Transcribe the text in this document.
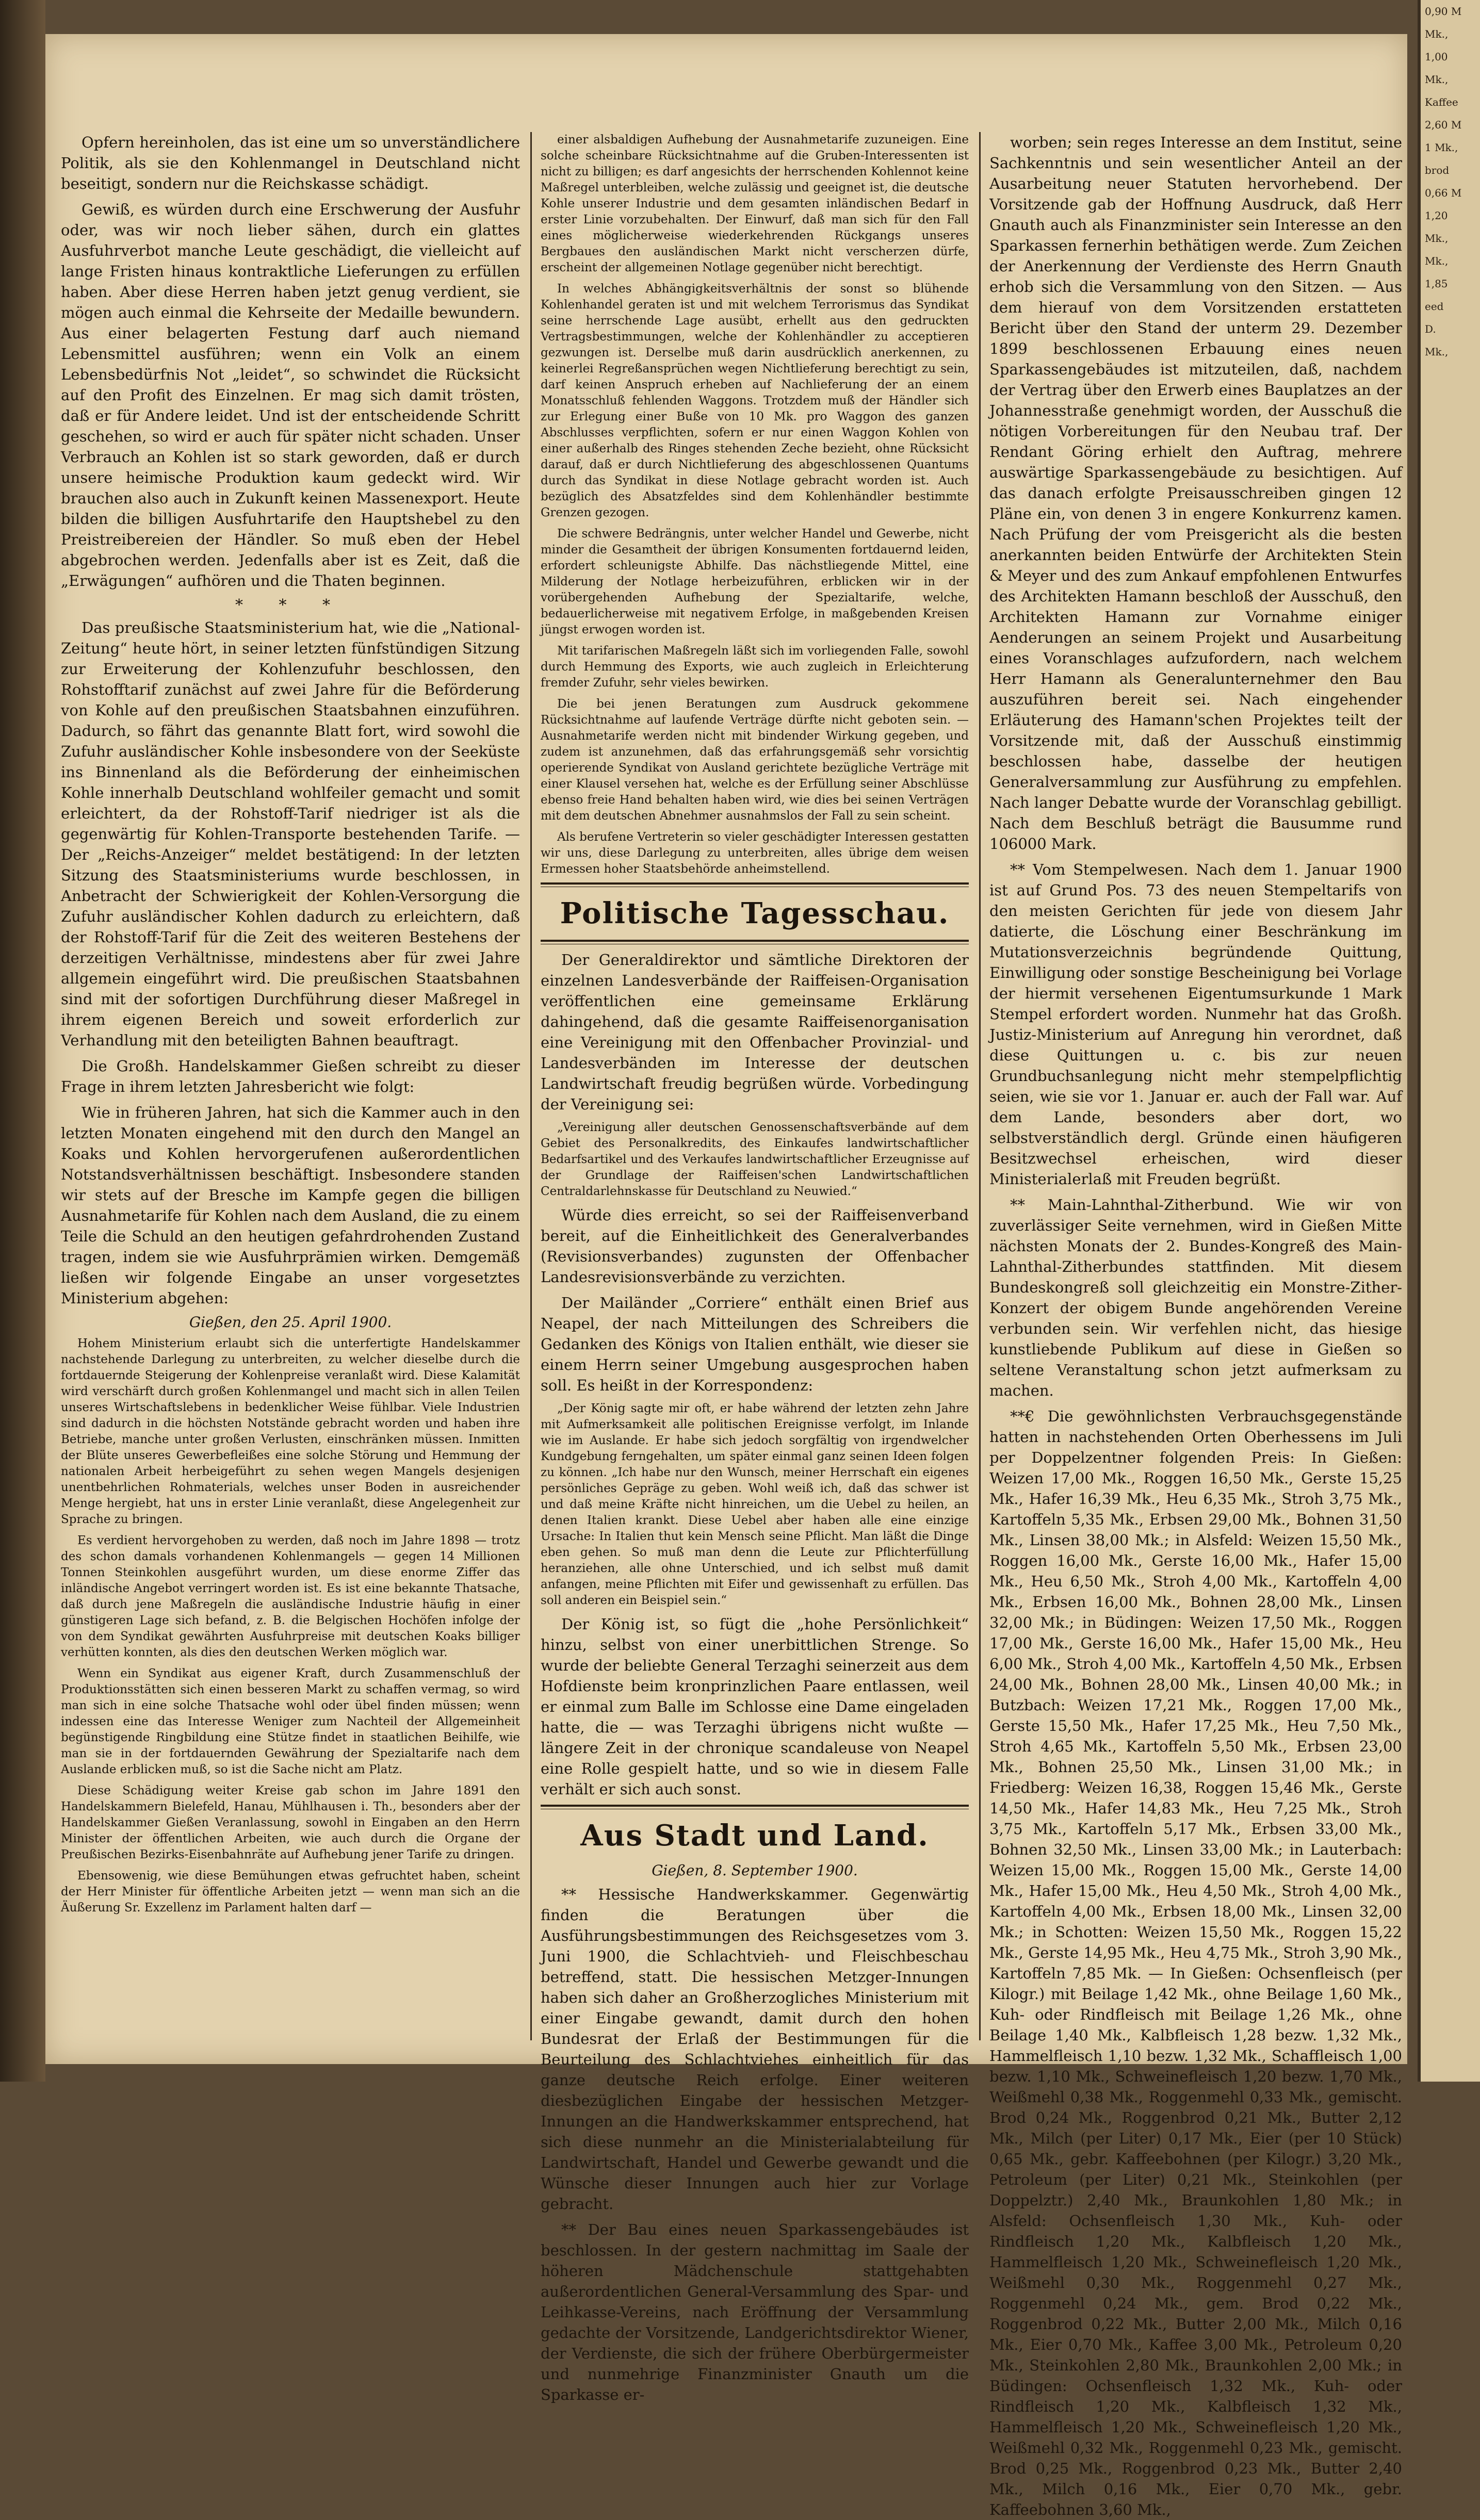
Opfern hereinholen, das ist eine um so unverständlichere Politik, als sie den Kohlenmangel in Deutschland nicht beseitigt, sondern nur die Reichskasse schädigt.

Gewiß, es würden durch eine Erschwerung der Ausfuhr oder, was wir noch lieber sähen, durch ein glattes Ausfuhrverbot manche Leute geschädigt, die vielleicht auf lange Fristen hinaus kontraktliche Lieferungen zu erfüllen haben. Aber diese Herren haben jetzt genug verdient, sie mögen auch einmal die Kehrseite der Medaille bewundern. Aus einer belagerten Festung darf auch niemand Lebensmittel ausführen; wenn ein Volk an einem Lebensbedürfnis Not „leidet“, so schwindet die Rücksicht auf den Profit des Einzelnen. Er mag sich damit trösten, daß er für Andere leidet. Und ist der entscheidende Schritt geschehen, so wird er auch für später nicht schaden. Unser Verbrauch an Kohlen ist so stark geworden, daß er durch unsere heimische Produktion kaum gedeckt wird. Wir brauchen also auch in Zukunft keinen Massenexport. Heute bilden die billigen Ausfuhrtarife den Hauptshebel zu den Preistreibereien der Händler. So muß eben der Hebel abgebrochen werden. Jedenfalls aber ist es Zeit, daß die „Erwägungen“ aufhören und die Thaten beginnen.

* * *

Das preußische Staatsministerium hat, wie die „National-Zeitung“ heute hört, in seiner letzten fünfstündigen Sitzung zur Erweiterung der Kohlenzufuhr beschlossen, den Rohstofftarif zunächst auf zwei Jahre für die Beförderung von Kohle auf den preußischen Staatsbahnen einzuführen. Dadurch, so fährt das genannte Blatt fort, wird sowohl die Zufuhr ausländischer Kohle insbesondere von der Seeküste ins Binnenland als die Beförderung der einheimischen Kohle innerhalb Deutschland wohlfeiler gemacht und somit erleichtert, da der Rohstoff-Tarif niedriger ist als die gegenwärtig für Kohlen-Transporte bestehenden Tarife. — Der „Reichs-Anzeiger“ meldet bestätigend: In der letzten Sitzung des Staatsministeriums wurde beschlossen, in Anbetracht der Schwierigkeit der Kohlen-Versorgung die Zufuhr ausländischer Kohlen dadurch zu erleichtern, daß der Rohstoff-Tarif für die Zeit des weiteren Bestehens der derzeitigen Verhältnisse, mindestens aber für zwei Jahre allgemein eingeführt wird. Die preußischen Staatsbahnen sind mit der sofortigen Durchführung dieser Maßregel in ihrem eigenen Bereich und soweit erforderlich zur Verhandlung mit den beteiligten Bahnen beauftragt.

Die Großh. Handelskammer Gießen schreibt zu dieser Frage in ihrem letzten Jahresbericht wie folgt:

Wie in früheren Jahren, hat sich die Kammer auch in den letzten Monaten eingehend mit den durch den Mangel an Koaks und Kohlen hervorgerufenen außerordentlichen Notstandsverhältnissen beschäftigt. Insbesondere standen wir stets auf der Bresche im Kampfe gegen die billigen Ausnahmetarife für Kohlen nach dem Ausland, die zu einem Teile die Schuld an den heutigen gefahrdrohenden Zustand tragen, indem sie wie Ausfuhrprämien wirken. Demgemäß ließen wir folgende Eingabe an unser vorgesetztes Ministerium abgehen:

Gießen, den 25. April 1900.

Hohem Ministerium erlaubt sich die unterfertigte Handelskammer nachstehende Darlegung zu unterbreiten, zu welcher dieselbe durch die fortdauernde Steigerung der Kohlenpreise veranlaßt wird. Diese Kalamität wird verschärft durch großen Kohlenmangel und macht sich in allen Teilen unseres Wirtschaftslebens in bedenklicher Weise fühlbar. Viele Industrien sind dadurch in die höchsten Notstände gebracht worden und haben ihre Betriebe, manche unter großen Verlusten, einschränken müssen. Inmitten der Blüte unseres Gewerbefleißes eine solche Störung und Hemmung der nationalen Arbeit herbeigeführt zu sehen wegen Mangels desjenigen unentbehrlichen Rohmaterials, welches unser Boden in ausreichender Menge hergiebt, hat uns in erster Linie veranlaßt, diese Angelegenheit zur Sprache zu bringen.

Es verdient hervorgehoben zu werden, daß noch im Jahre 1898 — trotz des schon damals vorhandenen Kohlenmangels — gegen 14 Millionen Tonnen Steinkohlen ausgeführt wurden, um diese enorme Ziffer das inländische Angebot verringert worden ist. Es ist eine bekannte Thatsache, daß durch jene Maßregeln die ausländische Industrie häufig in einer günstigeren Lage sich befand, z. B. die Belgischen Hochöfen infolge der von dem Syndikat gewährten Ausfuhrpreise mit deutschen Koaks billiger verhütten konnten, als dies den deutschen Werken möglich war.

Wenn ein Syndikat aus eigener Kraft, durch Zusammenschluß der Produktionsstätten sich einen besseren Markt zu schaffen vermag, so wird man sich in eine solche Thatsache wohl oder übel finden müssen; wenn indessen eine das Interesse Weniger zum Nachteil der Allgemeinheit begünstigende Ringbildung eine Stütze findet in staatlichen Beihilfe, wie man sie in der fortdauernden Gewährung der Spezialtarife nach dem Auslande erblicken muß, so ist die Sache nicht am Platz.

Diese Schädigung weiter Kreise gab schon im Jahre 1891 den Handelskammern Bielefeld, Hanau, Mühlhausen i. Th., besonders aber der Handelskammer Gießen Veranlassung, sowohl in Eingaben an den Herrn Minister der öffentlichen Arbeiten, wie auch durch die Organe der Preußischen Bezirks-Eisenbahnräte auf Aufhebung jener Tarife zu dringen.

Ebensowenig, wie diese Bemühungen etwas gefruchtet haben, scheint der Herr Minister für öffentliche Arbeiten jetzt — wenn man sich an die Äußerung Sr. Exzellenz im Parlament halten darf —

einer alsbaldigen Aufhebung der Ausnahmetarife zuzuneigen. Eine solche scheinbare Rücksichtnahme auf die Gruben-Interessenten ist nicht zu billigen; es darf angesichts der herrschenden Kohlennot keine Maßregel unterbleiben, welche zulässig und geeignet ist, die deutsche Kohle unserer Industrie und dem gesamten inländischen Bedarf in erster Linie vorzubehalten. Der Einwurf, daß man sich für den Fall eines möglicherweise wiederkehrenden Rückgangs unseres Bergbaues den ausländischen Markt nicht verscherzen dürfe, erscheint der allgemeinen Notlage gegenüber nicht berechtigt.

In welches Abhängigkeitsverhältnis der sonst so blühende Kohlenhandel geraten ist und mit welchem Terrorismus das Syndikat seine herrschende Lage ausübt, erhellt aus den gedruckten Vertragsbestimmungen, welche der Kohlenhändler zu acceptieren gezwungen ist. Derselbe muß darin ausdrücklich anerkennen, zu keinerlei Regreßansprüchen wegen Nichtlieferung berechtigt zu sein, darf keinen Anspruch erheben auf Nachlieferung der an einem Monatsschluß fehlenden Waggons. Trotzdem muß der Händler sich zur Erlegung einer Buße von 10 Mk. pro Waggon des ganzen Abschlusses verpflichten, sofern er nur einen Waggon Kohlen von einer außerhalb des Ringes stehenden Zeche bezieht, ohne Rücksicht darauf, daß er durch Nichtlieferung des abgeschlossenen Quantums durch das Syndikat in diese Notlage gebracht worden ist. Auch bezüglich des Absatzfeldes sind dem Kohlenhändler bestimmte Grenzen gezogen.

Die schwere Bedrängnis, unter welcher Handel und Gewerbe, nicht minder die Gesamtheit der übrigen Konsumenten fortdauernd leiden, erfordert schleunigste Abhilfe. Das nächstliegende Mittel, eine Milderung der Notlage herbeizuführen, erblicken wir in der vorübergehenden Aufhebung der Spezialtarife, welche, bedauerlicherweise mit negativem Erfolge, in maßgebenden Kreisen jüngst erwogen worden ist.

Mit tarifarischen Maßregeln läßt sich im vorliegenden Falle, sowohl durch Hemmung des Exports, wie auch zugleich in Erleichterung fremder Zufuhr, sehr vieles bewirken.

Die bei jenen Beratungen zum Ausdruck gekommene Rücksichtnahme auf laufende Verträge dürfte nicht geboten sein. — Ausnahmetarife werden nicht mit bindender Wirkung gegeben, und zudem ist anzunehmen, daß das erfahrungsgemäß sehr vorsichtig operierende Syndikat von Ausland gerichtete bezügliche Verträge mit einer Klausel versehen hat, welche es der Erfüllung seiner Abschlüsse ebenso freie Hand behalten haben wird, wie dies bei seinen Verträgen mit dem deutschen Abnehmer ausnahmslos der Fall zu sein scheint.

Als berufene Vertreterin so vieler geschädigter Interessen gestatten wir uns, diese Darlegung zu unterbreiten, alles übrige dem weisen Ermessen hoher Staatsbehörde anheimstellend.

Politische Tagesschau.

Der Generaldirektor und sämtliche Direktoren der einzelnen Landesverbände der Raiffeisen-Organisation veröffentlichen eine gemeinsame Erklärung dahingehend, daß die gesamte Raiffeisenorganisation eine Vereinigung mit den Offenbacher Provinzial- und Landesverbänden im Interesse der deutschen Landwirtschaft freudig begrüßen würde. Vorbedingung der Vereinigung sei:

„Vereinigung aller deutschen Genossenschaftsverbände auf dem Gebiet des Personalkredits, des Einkaufes landwirtschaftlicher Bedarfsartikel und des Verkaufes landwirtschaftlicher Erzeugnisse auf der Grundlage der Raiffeisen'schen Landwirtschaftlichen Centraldarlehnskasse für Deutschland zu Neuwied.“

Würde dies erreicht, so sei der Raiffeisenverband bereit, auf die Einheitlichkeit des Generalverbandes (Revisionsverbandes) zugunsten der Offenbacher Landesrevisionsverbände zu verzichten.

Der Mailänder „Corriere“ enthält einen Brief aus Neapel, der nach Mitteilungen des Schreibers die Gedanken des Königs von Italien enthält, wie dieser sie einem Herrn seiner Umgebung ausgesprochen haben soll. Es heißt in der Korrespondenz:

„Der König sagte mir oft, er habe während der letzten zehn Jahre mit Aufmerksamkeit alle politischen Ereignisse verfolgt, im Inlande wie im Auslande. Er habe sich jedoch sorgfältig von irgendwelcher Kundgebung ferngehalten, um später einmal ganz seinen Ideen folgen zu können. „Ich habe nur den Wunsch, meiner Herrschaft ein eigenes persönliches Gepräge zu geben. Wohl weiß ich, daß das schwer ist und daß meine Kräfte nicht hinreichen, um die Uebel zu heilen, an denen Italien krankt. Diese Uebel aber haben alle eine einzige Ursache: In Italien thut kein Mensch seine Pflicht. Man läßt die Dinge eben gehen. So muß man denn die Leute zur Pflichterfüllung heranziehen, alle ohne Unterschied, und ich selbst muß damit anfangen, meine Pflichten mit Eifer und gewissenhaft zu erfüllen. Das soll anderen ein Beispiel sein.“

Der König ist, so fügt die „hohe Persönlichkeit“ hinzu, selbst von einer unerbittlichen Strenge. So wurde der beliebte General Terzaghi seinerzeit aus dem Hofdienste beim kronprinzlichen Paare entlassen, weil er einmal zum Balle im Schlosse eine Dame eingeladen hatte, die — was Terzaghi übrigens nicht wußte — längere Zeit in der chronique scandaleuse von Neapel eine Rolle gespielt hatte, und so wie in diesem Falle verhält er sich auch sonst.

Aus Stadt und Land.
Gießen, 8. September 1900.

** Hessische Handwerkskammer. Gegenwärtig finden die Beratungen über die Ausführungsbestimmungen des Reichsgesetzes vom 3. Juni 1900, die Schlachtvieh- und Fleischbeschau betreffend, statt. Die hessischen Metzger-Innungen haben sich daher an Großherzogliches Ministerium mit einer Eingabe gewandt, damit durch den hohen Bundesrat der Erlaß der Bestimmungen für die Beurteilung des Schlachtviehes einheitlich für das ganze deutsche Reich erfolge. Einer weiteren diesbezüglichen Eingabe der hessischen Metzger-Innungen an die Handwerkskammer entsprechend, hat sich diese nunmehr an die Ministerialabteilung für Landwirtschaft, Handel und Gewerbe gewandt und die Wünsche dieser Innungen auch hier zur Vorlage gebracht.

** Der Bau eines neuen Sparkassengebäudes ist beschlossen. In der gestern nachmittag im Saale der höheren Mädchenschule stattgehabten außerordentlichen General-Versammlung des Spar- und Leihkasse-Vereins, nach Eröffnung der Versammlung gedachte der Vorsitzende, Landgerichtsdirektor Wiener, der Verdienste, die sich der frühere Oberbürgermeister und nunmehrige Finanzminister Gnauth um die Sparkasse er-

worben; sein reges Interesse an dem Institut, seine Sachkenntnis und sein wesentlicher Anteil an der Ausarbeitung neuer Statuten hervorhebend. Der Vorsitzende gab der Hoffnung Ausdruck, daß Herr Gnauth auch als Finanzminister sein Interesse an den Sparkassen fernerhin bethätigen werde. Zum Zeichen der Anerkennung der Verdienste des Herrn Gnauth erhob sich die Versammlung von den Sitzen. — Aus dem hierauf von dem Vorsitzenden erstatteten Bericht über den Stand der unterm 29. Dezember 1899 beschlossenen Erbauung eines neuen Sparkassengebäudes ist mitzuteilen, daß, nachdem der Vertrag über den Erwerb eines Bauplatzes an der Johannesstraße genehmigt worden, der Ausschuß die nötigen Vorbereitungen für den Neubau traf. Der Rendant Göring erhielt den Auftrag, mehrere auswärtige Sparkassengebäude zu besichtigen. Auf das danach erfolgte Preisausschreiben gingen 12 Pläne ein, von denen 3 in engere Konkurrenz kamen. Nach Prüfung der vom Preisgericht als die besten anerkannten beiden Entwürfe der Architekten Stein & Meyer und des zum Ankauf empfohlenen Entwurfes des Architekten Hamann beschloß der Ausschuß, den Architekten Hamann zur Vornahme einiger Aenderungen an seinem Projekt und Ausarbeitung eines Voranschlages aufzufordern, nach welchem Herr Hamann als Generalunternehmer den Bau auszuführen bereit sei. Nach eingehender Erläuterung des Hamann'schen Projektes teilt der Vorsitzende mit, daß der Ausschuß einstimmig beschlossen habe, dasselbe der heutigen Generalversammlung zur Ausführung zu empfehlen. Nach langer Debatte wurde der Voranschlag gebilligt. Nach dem Beschluß beträgt die Bausumme rund 106000 Mark.

** Vom Stempelwesen. Nach dem 1. Januar 1900 ist auf Grund Pos. 73 des neuen Stempeltarifs von den meisten Gerichten für jede von diesem Jahr datierte, die Löschung einer Beschränkung im Mutationsverzeichnis begründende Quittung, Einwilligung oder sonstige Bescheinigung bei Vorlage der hiermit versehenen Eigentumsurkunde 1 Mark Stempel erfordert worden. Nunmehr hat das Großh. Justiz-Ministerium auf Anregung hin verordnet, daß diese Quittungen u. c. bis zur neuen Grundbuchsanlegung nicht mehr stempelpflichtig seien, wie sie vor 1. Januar er. auch der Fall war. Auf dem Lande, besonders aber dort, wo selbstverständlich dergl. Gründe einen häufigeren Besitzwechsel erheischen, wird dieser Ministerialerlaß mit Freuden begrüßt.

** Main-Lahnthal-Zitherbund. Wie wir von zuverlässiger Seite vernehmen, wird in Gießen Mitte nächsten Monats der 2. Bundes-Kongreß des Main-Lahnthal-Zitherbundes stattfinden. Mit diesem Bundeskongreß soll gleichzeitig ein Monstre-Zither-Konzert der obigem Bunde angehörenden Vereine verbunden sein. Wir verfehlen nicht, das hiesige kunstliebende Publikum auf diese in Gießen so seltene Veranstaltung schon jetzt aufmerksam zu machen.

**€ Die gewöhnlichsten Verbrauchsgegenstände hatten in nachstehenden Orten Oberhessens im Juli per Doppelzentner folgenden Preis: In Gießen: Weizen 17,00 Mk., Roggen 16,50 Mk., Gerste 15,25 Mk., Hafer 16,39 Mk., Heu 6,35 Mk., Stroh 3,75 Mk., Kartoffeln 5,35 Mk., Erbsen 29,00 Mk., Bohnen 31,50 Mk., Linsen 38,00 Mk.; in Alsfeld: Weizen 15,50 Mk., Roggen 16,00 Mk., Gerste 16,00 Mk., Hafer 15,00 Mk., Heu 6,50 Mk., Stroh 4,00 Mk., Kartoffeln 4,00 Mk., Erbsen 16,00 Mk., Bohnen 28,00 Mk., Linsen 32,00 Mk.; in Büdingen: Weizen 17,50 Mk., Roggen 17,00 Mk., Gerste 16,00 Mk., Hafer 15,00 Mk., Heu 6,00 Mk., Stroh 4,00 Mk., Kartoffeln 4,50 Mk., Erbsen 24,00 Mk., Bohnen 28,00 Mk., Linsen 40,00 Mk.; in Butzbach: Weizen 17,21 Mk., Roggen 17,00 Mk., Gerste 15,50 Mk., Hafer 17,25 Mk., Heu 7,50 Mk., Stroh 4,65 Mk., Kartoffeln 5,50 Mk., Erbsen 23,00 Mk., Bohnen 25,50 Mk., Linsen 31,00 Mk.; in Friedberg: Weizen 16,38, Roggen 15,46 Mk., Gerste 14,50 Mk., Hafer 14,83 Mk., Heu 7,25 Mk., Stroh 3,75 Mk., Kartoffeln 5,17 Mk., Erbsen 33,00 Mk., Bohnen 32,50 Mk., Linsen 33,00 Mk.; in Lauterbach: Weizen 15,00 Mk., Roggen 15,00 Mk., Gerste 14,00 Mk., Hafer 15,00 Mk., Heu 4,50 Mk., Stroh 4,00 Mk., Kartoffeln 4,00 Mk., Erbsen 18,00 Mk., Linsen 32,00 Mk.; in Schotten: Weizen 15,50 Mk., Roggen 15,22 Mk., Gerste 14,95 Mk., Heu 4,75 Mk., Stroh 3,90 Mk., Kartoffeln 7,85 Mk. — In Gießen: Ochsenfleisch (per Kilogr.) mit Beilage 1,42 Mk., ohne Beilage 1,60 Mk., Kuh- oder Rindfleisch mit Beilage 1,26 Mk., ohne Beilage 1,40 Mk., Kalbfleisch 1,28 bezw. 1,32 Mk., Hammelfleisch 1,10 bezw. 1,32 Mk., Schaffleisch 1,00 bezw. 1,10 Mk., Schweinefleisch 1,20 bezw. 1,70 Mk., Weißmehl 0,38 Mk., Roggenmehl 0,33 Mk., gemischt. Brod 0,24 Mk., Roggenbrod 0,21 Mk., Butter 2,12 Mk., Milch (per Liter) 0,17 Mk., Eier (per 10 Stück) 0,65 Mk., gebr. Kaffeebohnen (per Kilogr.) 3,20 Mk., Petroleum (per Liter) 0,21 Mk., Steinkohlen (per Doppelztr.) 2,40 Mk., Braunkohlen 1,80 Mk.; in Alsfeld: Ochsenfleisch 1,30 Mk., Kuh- oder Rindfleisch 1,20 Mk., Kalbfleisch 1,20 Mk., Hammelfleisch 1,20 Mk., Schweinefleisch 1,20 Mk., Weißmehl 0,30 Mk., Roggenmehl 0,27 Mk., Roggenmehl 0,24 Mk., gem. Brod 0,22 Mk., Roggenbrod 0,22 Mk., Butter 2,00 Mk., Milch 0,16 Mk., Eier 0,70 Mk., Kaffee 3,00 Mk., Petroleum 0,20 Mk., Steinkohlen 2,80 Mk., Braunkohlen 2,00 Mk.; in Büdingen: Ochsenfleisch 1,32 Mk., Kuh- oder Rindfleisch 1,20 Mk., Kalbfleisch 1,32 Mk., Hammelfleisch 1,20 Mk., Schweinefleisch 1,20 Mk., Weißmehl 0,32 Mk., Roggenmehl 0,23 Mk., gemischt. Brod 0,25 Mk., Roggenbrod 0,23 Mk., Butter 2,40 Mk., Milch 0,16 Mk., Eier 0,70 Mk., gebr. Kaffeebohnen 3,60 Mk.,

0,90 M
Mk.,
1,00
Mk.,
Kaffee
2,60 M
1 Mk.,
brod
0,66 M
1,20
Mk.,
Mk.,
1,85
eed
D.
Mk.,
